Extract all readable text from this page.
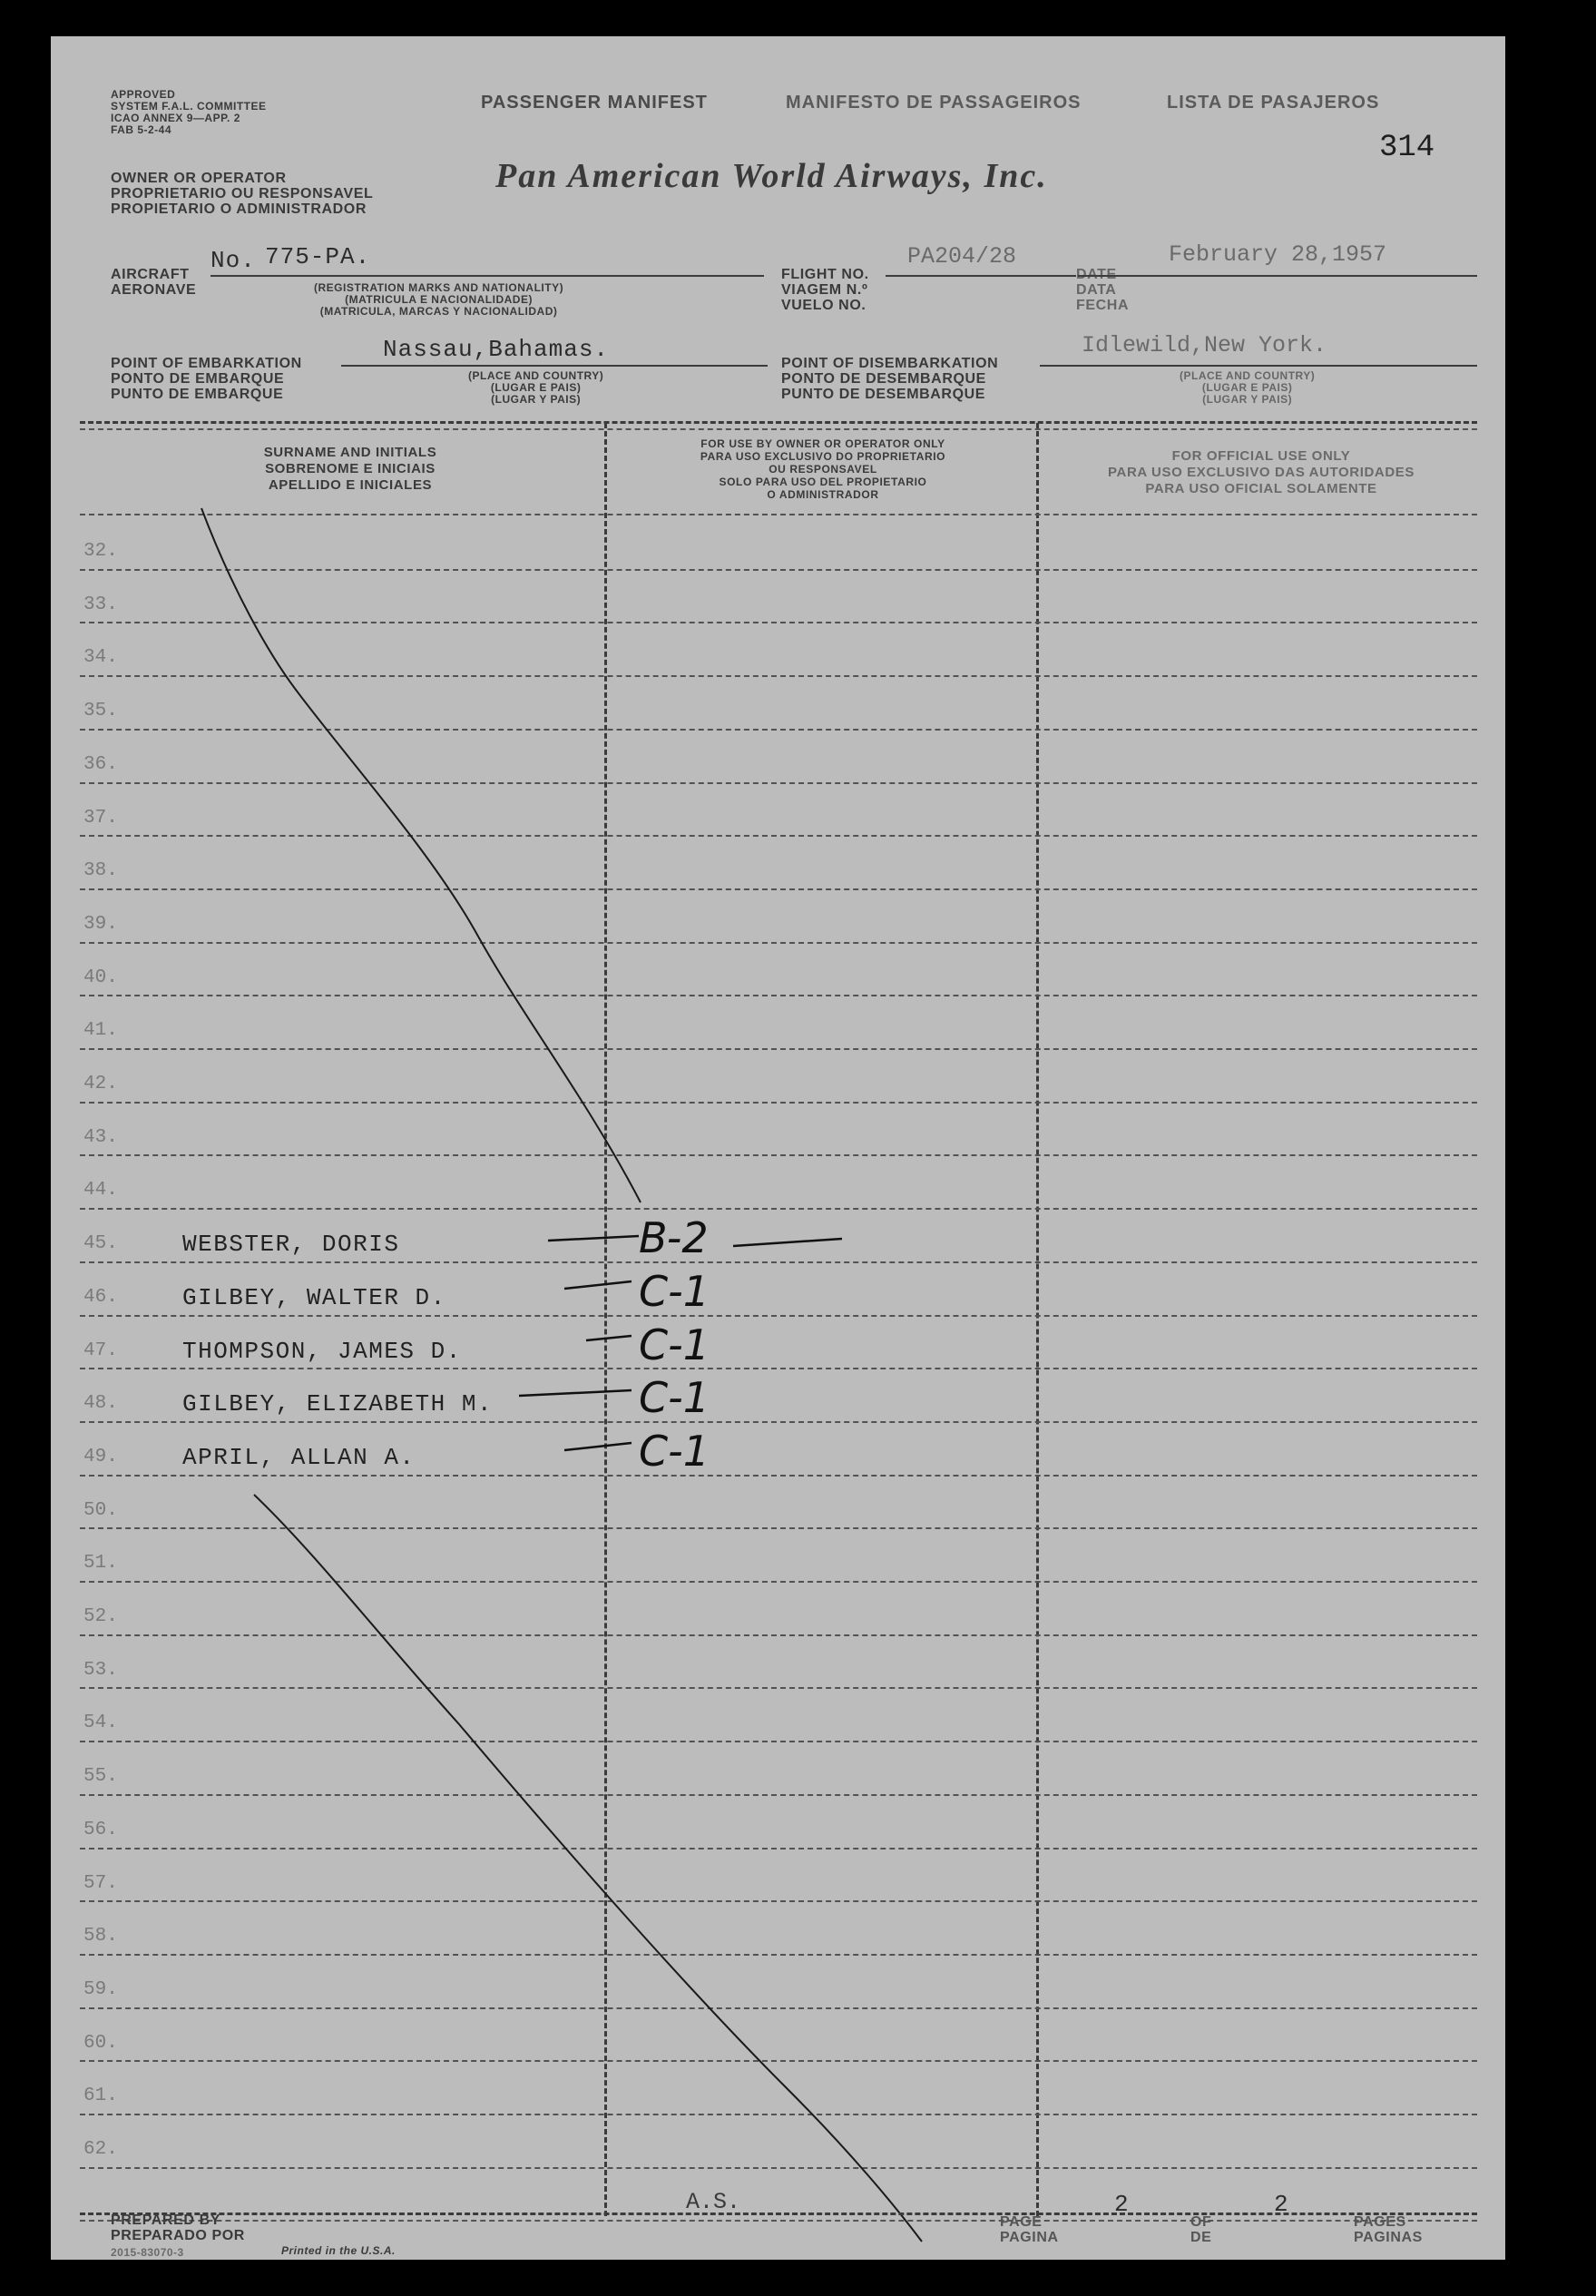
APPROVED
SYSTEM F.A.L. COMMITTEE
ICAO ANNEX 9—APP. 2
FAB 5-2-44
PASSENGER MANIFEST	MANIFESTO DE PASSAGEIROS	LISTA DE PASAJEROS
314
OWNER OR OPERATOR
PROPRIETARIO OU RESPONSAVEL
PROPIETARIO O ADMINISTRADOR
Pan American World Airways, Inc.
AIRCRAFT
AERONAVE
No. 775-PA.
(REGISTRATION MARKS AND NATIONALITY)
(MATRICULA E NACIONALIDADE)
(MATRICULA, MARCAS Y NACIONALIDAD)
FLIGHT NO.
VIAGEM N.º
VUELO NO.
PA204/28
DATE
DATA
FECHA
February 28,1957
POINT OF EMBARKATION
PONTO DE EMBARQUE
PUNTO DE EMBARQUE
Nassau,Bahamas.
(PLACE AND COUNTRY)
(LUGAR E PAIS)
(LUGAR Y PAIS)
POINT OF DISEMBARKATION
PONTO DE DESEMBARQUE
PUNTO DE DESEMBARQUE
Idlewild,New York.
(PLACE AND COUNTRY)
(LUGAR E PAIS)
(LUGAR Y PAIS)
SURNAME AND INITIALS
SOBRENOME E INICIAIS
APELLIDO E INICIALES
FOR USE BY OWNER OR OPERATOR ONLY
PARA USO EXCLUSIVO DO PROPRIETARIO
OU RESPONSAVEL
SOLO PARA USO DEL PROPIETARIO
O ADMINISTRADOR
FOR OFFICIAL USE ONLY
PARA USO EXCLUSIVO DAS AUTORIDADES
PARA USO OFICIAL SOLAMENTE
32.
33.
34.
35.
36.
37.
38.
39.
40.
41.
42.
43.
44.
45.	WEBSTER, DORIS	B-2
46.	GILBEY, WALTER D.	C-1
47.	THOMPSON, JAMES D.	C-1
48.	GILBEY, ELIZABETH M.	C-1
49.	APRIL, ALLAN A.	C-1
50.
51.
52.
53.
54.
55.
56.
57.
58.
59.
60.
61.
62.
PREPARED BY
PREPARADO POR
A.S.
2015-83070-3	Printed in the U.S.A.
PAGE
PAGINA
2
OF
DE
2
PAGES
PAGINAS
